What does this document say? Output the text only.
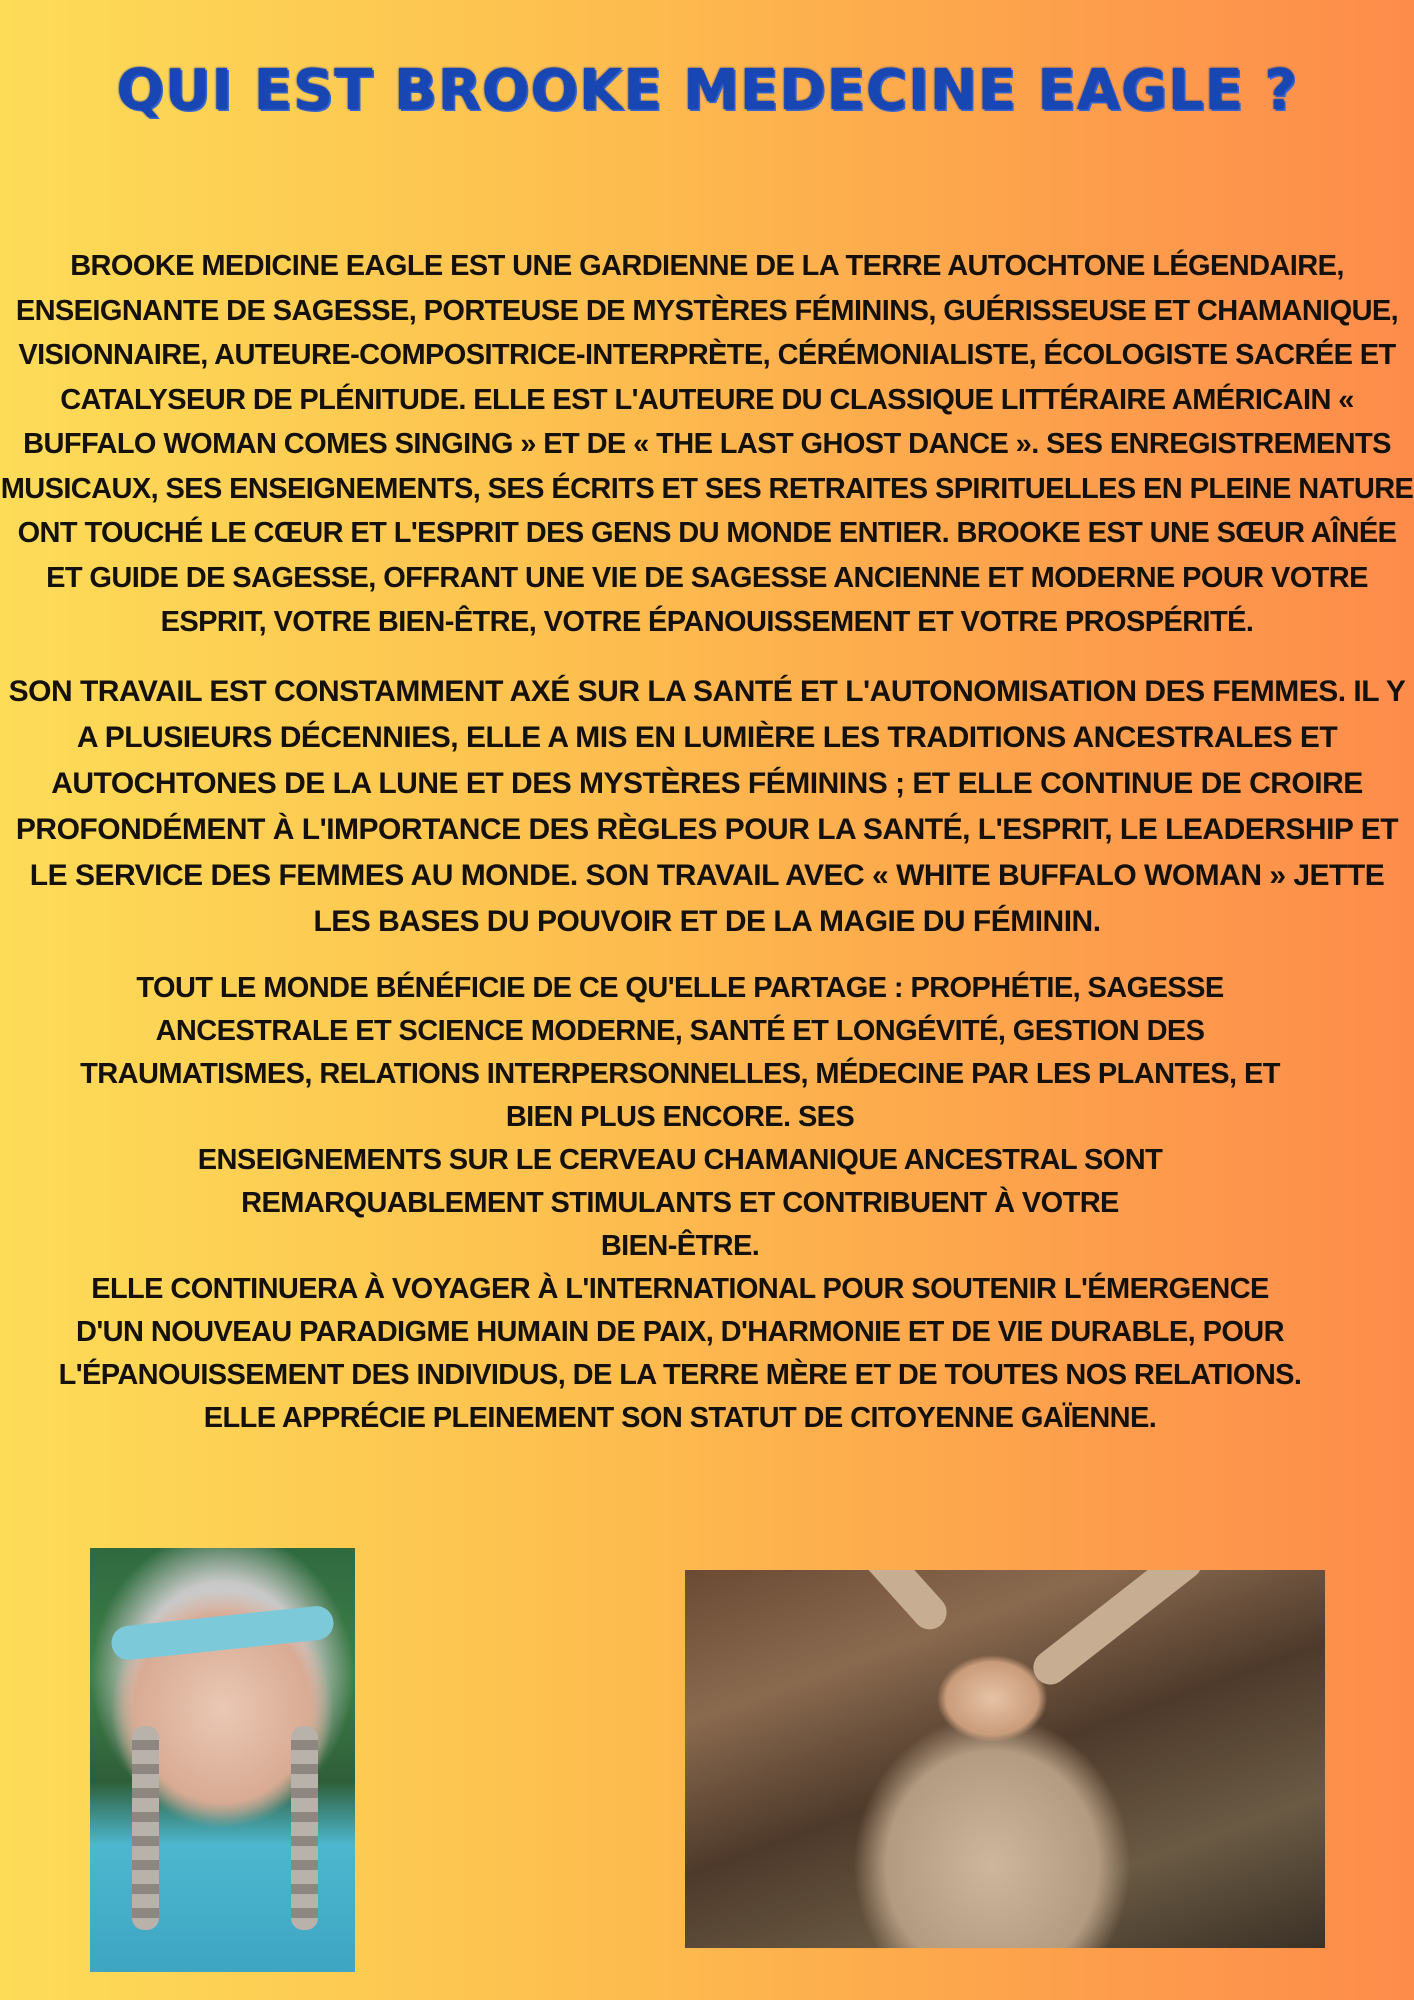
QUI EST BROOKE MEDECINE EAGLE ?

BROOKE MEDICINE EAGLE EST UNE GARDIENNE DE LA TERRE AUTOCHTONE LÉGENDAIRE, ENSEIGNANTE DE SAGESSE, PORTEUSE DE MYSTÈRES FÉMININS, GUÉRISSEUSE ET CHAMANIQUE, VISIONNAIRE, AUTEURE-COMPOSITRICE-INTERPRÈTE, CÉRÉMONIALISTE, ÉCOLOGISTE SACRÉE ET CATALYSEUR DE PLÉNITUDE. ELLE EST L'AUTEURE DU CLASSIQUE LITTÉRAIRE AMÉRICAIN « BUFFALO WOMAN COMES SINGING » ET DE « THE LAST GHOST DANCE ». SES ENREGISTREMENTS MUSICAUX, SES ENSEIGNEMENTS, SES ÉCRITS ET SES RETRAITES SPIRITUELLES EN PLEINE NATURE ONT TOUCHÉ LE CŒUR ET L'ESPRIT DES GENS DU MONDE ENTIER. BROOKE EST UNE SŒUR AÎNÉE ET GUIDE DE SAGESSE, OFFRANT UNE VIE DE SAGESSE ANCIENNE ET MODERNE POUR VOTRE ESPRIT, VOTRE BIEN-ÊTRE, VOTRE ÉPANOUISSEMENT ET VOTRE PROSPÉRITÉ.

SON TRAVAIL EST CONSTAMMENT AXÉ SUR LA SANTÉ ET L'AUTONOMISATION DES FEMMES. IL Y A PLUSIEURS DÉCENNIES, ELLE A MIS EN LUMIÈRE LES TRADITIONS ANCESTRALES ET AUTOCHTONES DE LA LUNE ET DES MYSTÈRES FÉMININS ; ET ELLE CONTINUE DE CROIRE PROFONDÉMENT À L'IMPORTANCE DES RÈGLES POUR LA SANTÉ, L'ESPRIT, LE LEADERSHIP ET LE SERVICE DES FEMMES AU MONDE. SON TRAVAIL AVEC « WHITE BUFFALO WOMAN » JETTE LES BASES DU POUVOIR ET DE LA MAGIE DU FÉMININ.

TOUT LE MONDE BÉNÉFICIE DE CE QU'ELLE PARTAGE : PROPHÉTIE, SAGESSE
ANCESTRALE ET SCIENCE MODERNE, SANTÉ ET LONGÉVITÉ, GESTION DES
TRAUMATISMES, RELATIONS INTERPERSONNELLES, MÉDECINE PAR LES PLANTES, ET
BIEN PLUS ENCORE. SES
ENSEIGNEMENTS SUR LE CERVEAU CHAMANIQUE ANCESTRAL SONT
REMARQUABLEMENT STIMULANTS ET CONTRIBUENT À VOTRE
BIEN-ÊTRE.
ELLE CONTINUERA À VOYAGER À L'INTERNATIONAL POUR SOUTENIR L'ÉMERGENCE
D'UN NOUVEAU PARADIGME HUMAIN DE PAIX, D'HARMONIE ET DE VIE DURABLE, POUR
L'ÉPANOUISSEMENT DES INDIVIDUS, DE LA TERRE MÈRE ET DE TOUTES NOS RELATIONS.
ELLE APPRÉCIE PLEINEMENT SON STATUT DE CITOYENNE GAÏENNE.
